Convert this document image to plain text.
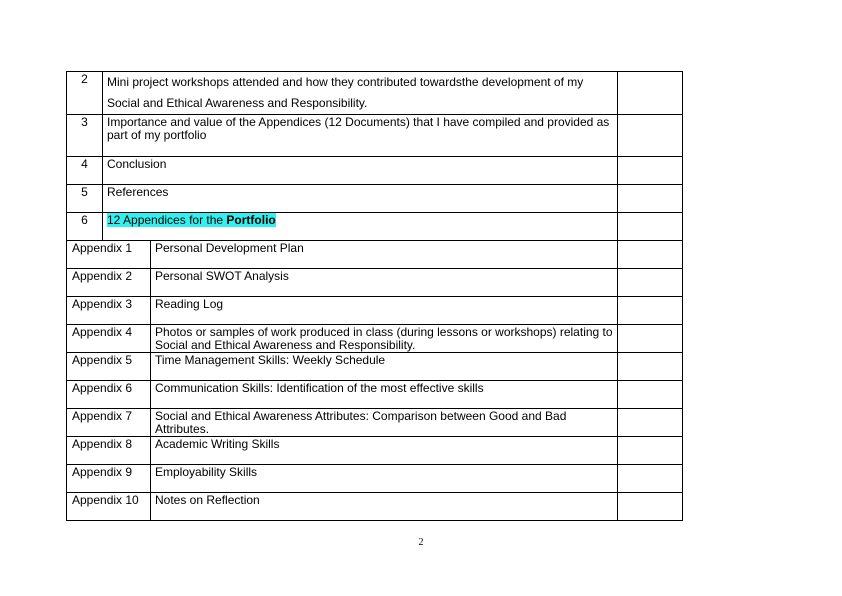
2	Mini project workshops attended and how they contributed towardsthe development of my Social and Ethical Awareness and Responsibility.		
3	Importance and value of the Appendices (12 Documents) that I have compiled and provided as part of my portfolio		
4	Conclusion		
5	References		
6	12 Appendices for the Portfolio		
Appendix 1		Personal Development Plan	
Appendix 2		Personal SWOT Analysis	
Appendix 3		Reading Log	
Appendix 4		Photos or samples of work produced in class (during lessons or workshops) relating to Social and Ethical Awareness and Responsibility.	
Appendix 5		Time Management Skills: Weekly Schedule	
Appendix 6		Communication Skills: Identification of the most effective skills	
Appendix 7		Social and Ethical Awareness Attributes: Comparison between Good and Bad Attributes.	
Appendix 8		Academic Writing Skills	
Appendix 9		Employability Skills	
Appendix 10		Notes on Reflection	
2
